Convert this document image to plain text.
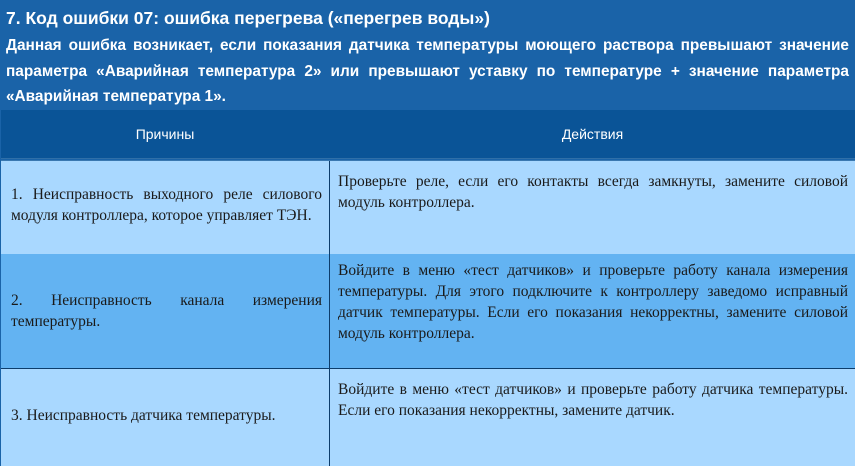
7. Код ошибки 07: ошибка перегрева («перегрев воды»)
Данная ошибка возникает, если показания датчика температуры моющего раствора превышают значение параметра «Аварийная температура 2» или превышают уставку по температуре + значение параметра «Аварийная температура 1».
Причины	Действия
1. Неисправность выходного реле силового модуля контроллера, которое управляет ТЭН.
Проверьте реле, если его контакты всегда замкнуты, замените силовой модуль контроллера.
2. Неисправность канала измерения температуры.
Войдите в меню «тест датчиков» и проверьте работу канала измерения температуры. Для этого подключите к контроллеру заведомо исправный датчик температуры. Если его показания некорректны, замените силовой модуль контроллера.
3. Неисправность датчика температуры.
Войдите в меню «тест датчиков» и проверьте работу датчика температуры. Если его показания некорректны, замените датчик.
